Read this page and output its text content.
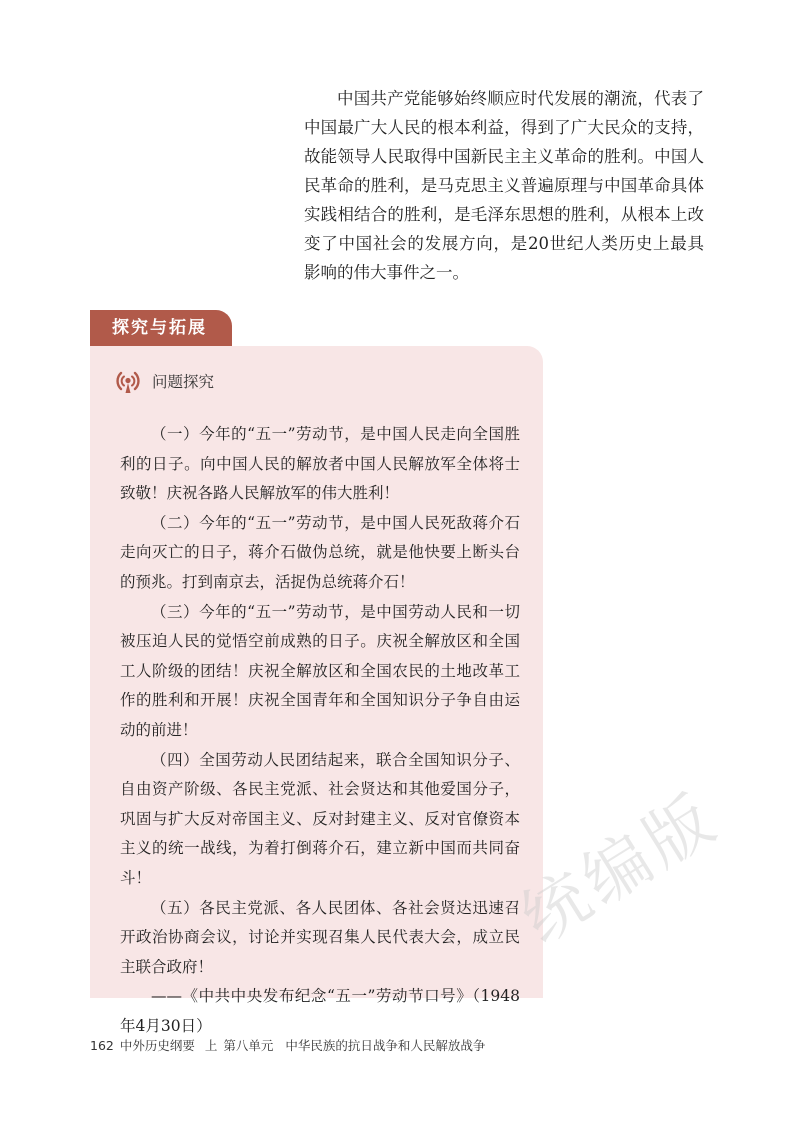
中国共产党能够始终顺应时代发展的潮流，代表了中国最广大人民的根本利益，得到了广大民众的支持，故能领导人民取得中国新民主主义革命的胜利。中国人民革命的胜利，是马克思主义普遍原理与中国革命具体实践相结合的胜利，是毛泽东思想的胜利，从根本上改变了中国社会的发展方向，是20世纪人类历史上最具影响的伟大事件之一。

探究与拓展
问题探究

（一）今年的“五一”劳动节，是中国人民走向全国胜利的日子。向中国人民的解放者中国人民解放军全体将士致敬！庆祝各路人民解放军的伟大胜利！

（二）今年的“五一”劳动节，是中国人民死敌蒋介石走向灭亡的日子，蒋介石做伪总统，就是他快要上断头台的预兆。打到南京去，活捉伪总统蒋介石！

（三）今年的“五一”劳动节，是中国劳动人民和一切被压迫人民的觉悟空前成熟的日子。庆祝全解放区和全国工人阶级的团结！庆祝全解放区和全国农民的土地改革工作的胜利和开展！庆祝全国青年和全国知识分子争自由运动的前进！

（四）全国劳动人民团结起来，联合全国知识分子、自由资产阶级、各民主党派、社会贤达和其他爱国分子，巩固与扩大反对帝国主义、反对封建主义、反对官僚资本主义的统一战线，为着打倒蒋介石，建立新中国而共同奋斗！

（五）各民主党派、各人民团体、各社会贤达迅速召开政治协商会议，讨论并实现召集人民代表大会，成立民主联合政府！

——《中共中央发布纪念“五一”劳动节口号》（1948年4月30日）

统编版
162 中外历史纲要 上 第八单元 中华民族的抗日战争和人民解放战争
